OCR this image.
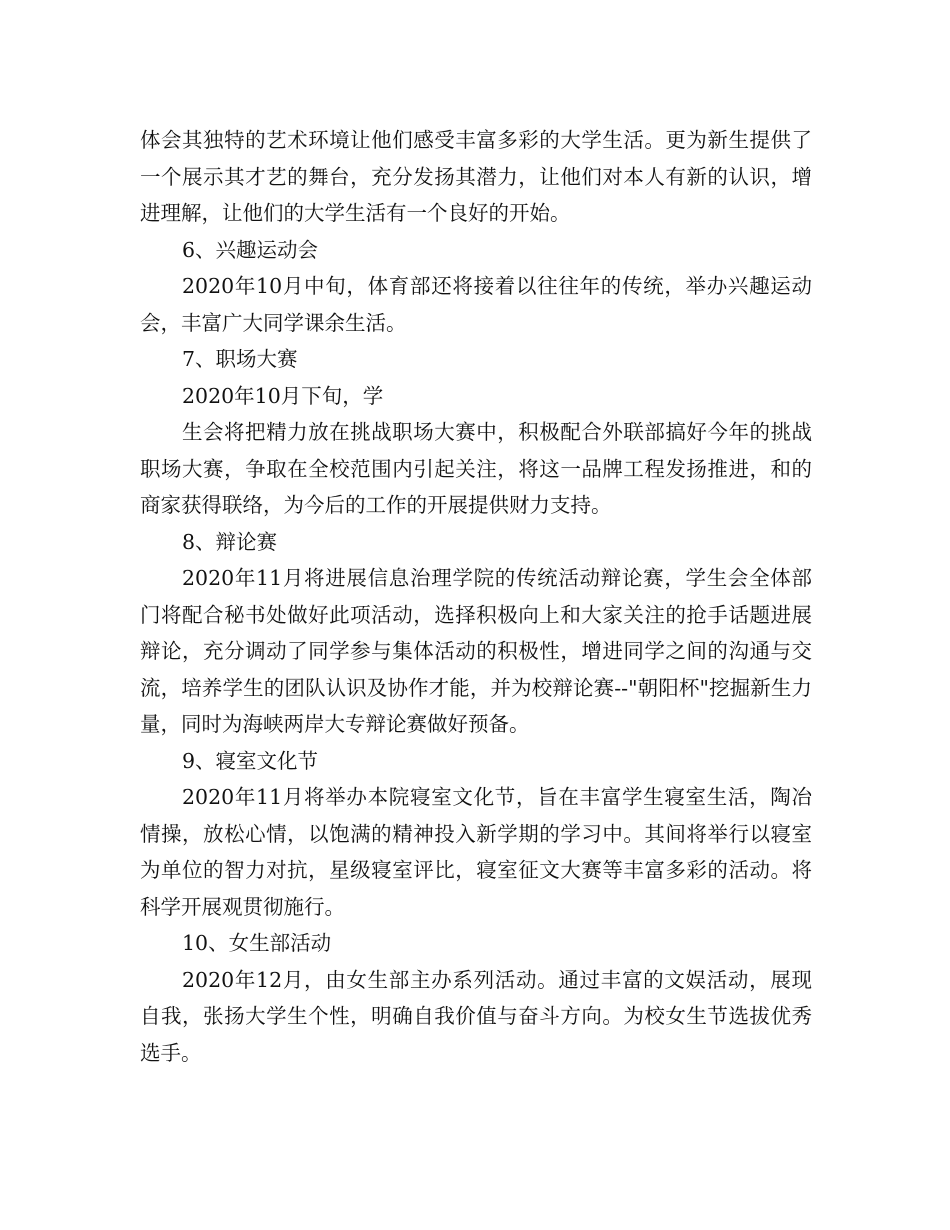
体会其独特的艺术环境让他们感受丰富多彩的大学生活。更为新生提供了一个展示其才艺的舞台，充分发扬其潜力，让他们对本人有新的认识，增进理解，让他们的大学生活有一个良好的开始。

6、兴趣运动会

2020年10月中旬，体育部还将接着以往往年的传统，举办兴趣运动会，丰富广大同学课余生活。

7、职场大赛

2020年10月下旬，学

生会将把精力放在挑战职场大赛中，积极配合外联部搞好今年的挑战职场大赛，争取在全校范围内引起关注，将这一品牌工程发扬推进，和的商家获得联络，为今后的工作的开展提供财力支持。

8、辩论赛

2020年11月将进展信息治理学院的传统活动辩论赛，学生会全体部门将配合秘书处做好此项活动，选择积极向上和大家关注的抢手话题进展辩论，充分调动了同学参与集体活动的积极性，增进同学之间的沟通与交流，培养学生的团队认识及协作才能，并为校辩论赛--"朝阳杯"挖掘新生力量，同时为海峡两岸大专辩论赛做好预备。

9、寝室文化节

2020年11月将举办本院寝室文化节，旨在丰富学生寝室生活，陶冶情操，放松心情，以饱满的精神投入新学期的学习中。其间将举行以寝室为单位的智力对抗，星级寝室评比，寝室征文大赛等丰富多彩的活动。将科学开展观贯彻施行。

10、女生部活动

2020年12月，由女生部主办系列活动。通过丰富的文娱活动，展现自我，张扬大学生个性，明确自我价值与奋斗方向。为校女生节选拔优秀选手。
